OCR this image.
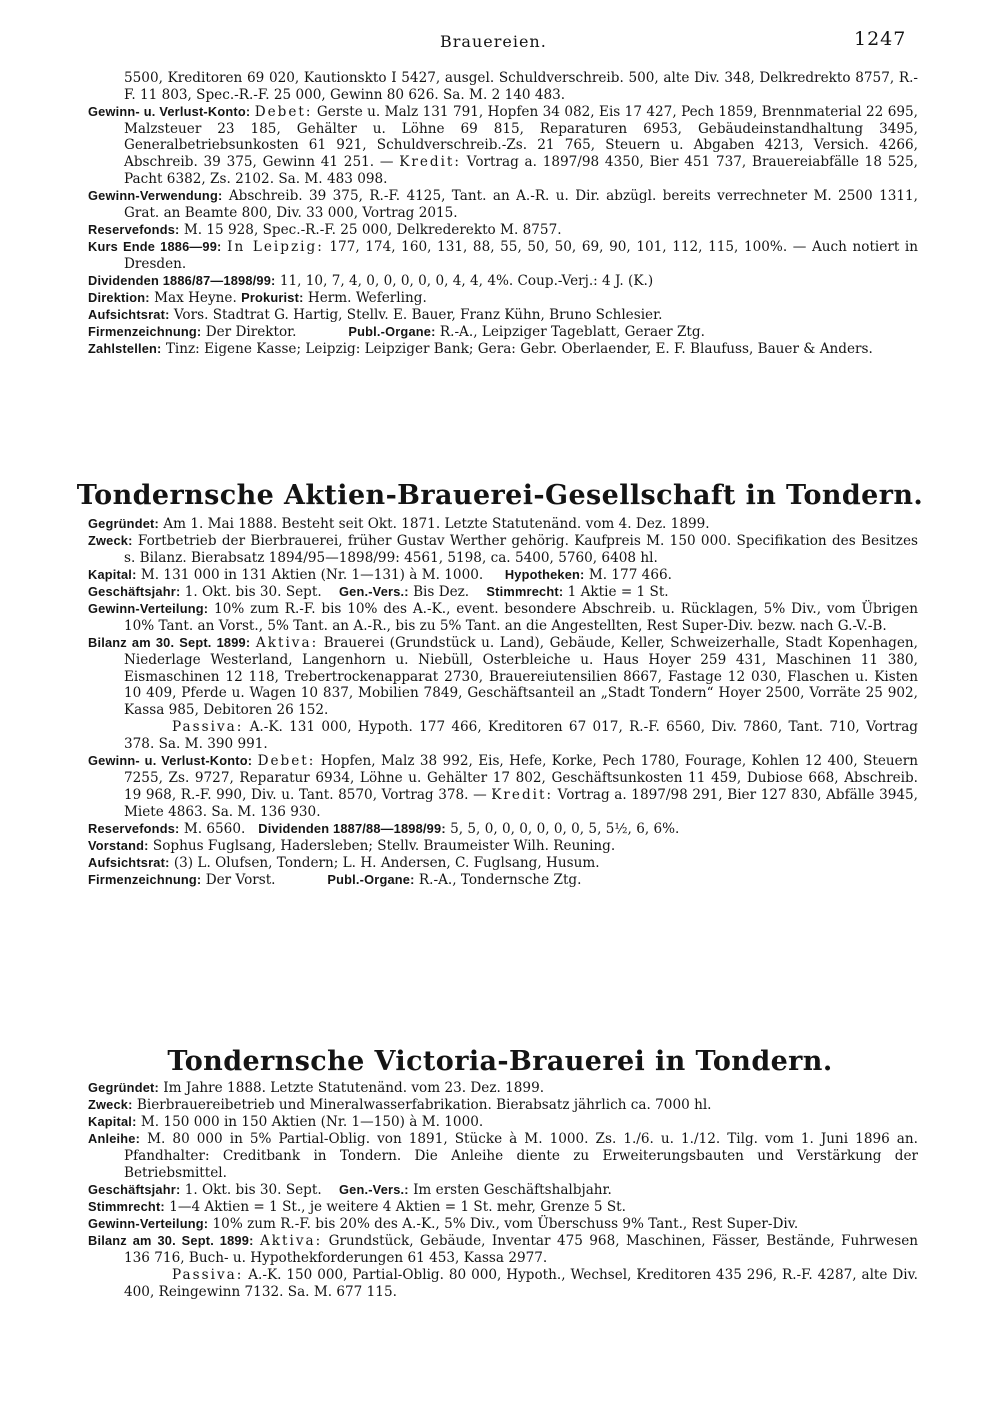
Brauereien.	1247
5500, Kreditoren 69 020, Kautionskto I 5427, ausgel. Schuldverschreib. 500, alte Div. 348, Delkredrekto 8757, R.-F. 11 803, Spec.-R.-F. 25 000, Gewinn 80 626. Sa. M. 2 140 483.
Gewinn- u. Verlust-Konto: Debet: Gerste u. Malz 131 791, Hopfen 34 082, Eis 17 427, Pech 1859, Brennmaterial 22 695, Malzsteuer 23 185, Gehälter u. Löhne 69 815, Reparaturen 6953, Gebäudeinstandhaltung 3495, Generalbetriebsunkosten 61 921, Schuldverschreib.-Zs. 21 765, Steuern u. Abgaben 4213, Versich. 4266, Abschreib. 39 375, Gewinn 41 251. — Kredit: Vortrag a. 1897/98 4350, Bier 451 737, Brauereiabfälle 18 525, Pacht 6382, Zs. 2102. Sa. M. 483 098.
Gewinn-Verwendung: Abschreib. 39 375, R.-F. 4125, Tant. an A.-R. u. Dir. abzügl. bereits verrechneter M. 2500 1311, Grat. an Beamte 800, Div. 33 000, Vortrag 2015.
Reservefonds: M. 15 928, Spec.-R.-F. 25 000, Delkrederekto M. 8757.
Kurs Ende 1886—99: In Leipzig: 177, 174, 160, 131, 88, 55, 50, 50, 69, 90, 101, 112, 115, 100%. — Auch notiert in Dresden.
Dividenden 1886/87—1898/99: 11, 10, 7, 4, 0, 0, 0, 0, 0, 4, 4, 4%. Coup.-Verj.: 4 J. (K.)
Direktion: Max Heyne. Prokurist: Herm. Weferling.
Aufsichtsrat: Vors. Stadtrat G. Hartig, Stellv. E. Bauer, Franz Kühn, Bruno Schlesier.
Firmenzeichnung: Der Direktor.	Publ.-Organe: R.-A., Leipziger Tageblatt, Geraer Ztg.
Zahlstellen: Tinz: Eigene Kasse; Leipzig: Leipziger Bank; Gera: Gebr. Oberlaender, E. F. Blaufuss, Bauer & Anders.
Tondernsche Aktien-Brauerei-Gesellschaft in Tondern.
Gegründet: Am 1. Mai 1888. Besteht seit Okt. 1871. Letzte Statutenänd. vom 4. Dez. 1899.
Zweck: Fortbetrieb der Bierbrauerei, früher Gustav Werther gehörig. Kaufpreis M. 150 000. Specifikation des Besitzes s. Bilanz. Bierabsatz 1894/95—1898/99: 4561, 5198, ca. 5400, 5760, 6408 hl.
Kapital: M. 131 000 in 131 Aktien (Nr. 1—131) à M. 1000. Hypotheken: M. 177 466.
Geschäftsjahr: 1. Okt. bis 30. Sept. Gen.-Vers.: Bis Dez. Stimmrecht: 1 Aktie = 1 St.
Gewinn-Verteilung: 10% zum R.-F. bis 10% des A.-K., event. besondere Abschreib. u. Rücklagen, 5% Div., vom Übrigen 10% Tant. an Vorst., 5% Tant. an A.-R., bis zu 5% Tant. an die Angestellten, Rest Super-Div. bezw. nach G.-V.-B.
Bilanz am 30. Sept. 1899: Aktiva: Brauerei (Grundstück u. Land), Gebäude, Keller, Schweizerhalle, Stadt Kopenhagen, Niederlage Westerland, Langenhorn u. Niebüll, Osterbleiche u. Haus Hoyer 259 431, Maschinen 11 380, Eismaschinen 12 118, Trebertrockenapparat 2730, Brauereiutensilien 8667, Fastage 12 030, Flaschen u. Kisten 10 409, Pferde u. Wagen 10 837, Mobilien 7849, Geschäftsanteil an „Stadt Tondern“ Hoyer 2500, Vorräte 25 902, Kassa 985, Debitoren 26 152.
Passiva: A.-K. 131 000, Hypoth. 177 466, Kreditoren 67 017, R.-F. 6560, Div. 7860, Tant. 710, Vortrag 378. Sa. M. 390 991.
Gewinn- u. Verlust-Konto: Debet: Hopfen, Malz 38 992, Eis, Hefe, Korke, Pech 1780, Fourage, Kohlen 12 400, Steuern 7255, Zs. 9727, Reparatur 6934, Löhne u. Gehälter 17 802, Geschäftsunkosten 11 459, Dubiose 668, Abschreib. 19 968, R.-F. 990, Div. u. Tant. 8570, Vortrag 378. — Kredit: Vortrag a. 1897/98 291, Bier 127 830, Abfälle 3945, Miete 4863. Sa. M. 136 930.
Reservefonds: M. 6560. Dividenden 1887/88—1898/99: 5, 5, 0, 0, 0, 0, 0, 0, 5, 5½, 6, 6%.
Vorstand: Sophus Fuglsang, Hadersleben; Stellv. Braumeister Wilh. Reuning.
Aufsichtsrat: (3) L. Olufsen, Tondern; L. H. Andersen, C. Fuglsang, Husum.
Firmenzeichnung: Der Vorst.	Publ.-Organe: R.-A., Tondernsche Ztg.
Tondernsche Victoria-Brauerei in Tondern.
Gegründet: Im Jahre 1888. Letzte Statutenänd. vom 23. Dez. 1899.
Zweck: Bierbrauereibetrieb und Mineralwasserfabrikation. Bierabsatz jährlich ca. 7000 hl.
Kapital: M. 150 000 in 150 Aktien (Nr. 1—150) à M. 1000.
Anleihe: M. 80 000 in 5% Partial-Oblig. von 1891, Stücke à M. 1000. Zs. 1./6. u. 1./12. Tilg. vom 1. Juni 1896 an. Pfandhalter: Creditbank in Tondern. Die Anleihe diente zu Erweiterungsbauten und Verstärkung der Betriebsmittel.
Geschäftsjahr: 1. Okt. bis 30. Sept. Gen.-Vers.: Im ersten Geschäftshalbjahr.
Stimmrecht: 1—4 Aktien = 1 St., je weitere 4 Aktien = 1 St. mehr, Grenze 5 St.
Gewinn-Verteilung: 10% zum R.-F. bis 20% des A.-K., 5% Div., vom Überschuss 9% Tant., Rest Super-Div.
Bilanz am 30. Sept. 1899: Aktiva: Grundstück, Gebäude, Inventar 475 968, Maschinen, Fässer, Bestände, Fuhrwesen 136 716, Buch- u. Hypothekforderungen 61 453, Kassa 2977.
Passiva: A.-K. 150 000, Partial-Oblig. 80 000, Hypoth., Wechsel, Kreditoren 435 296, R.-F. 4287, alte Div. 400, Reingewinn 7132. Sa. M. 677 115.
